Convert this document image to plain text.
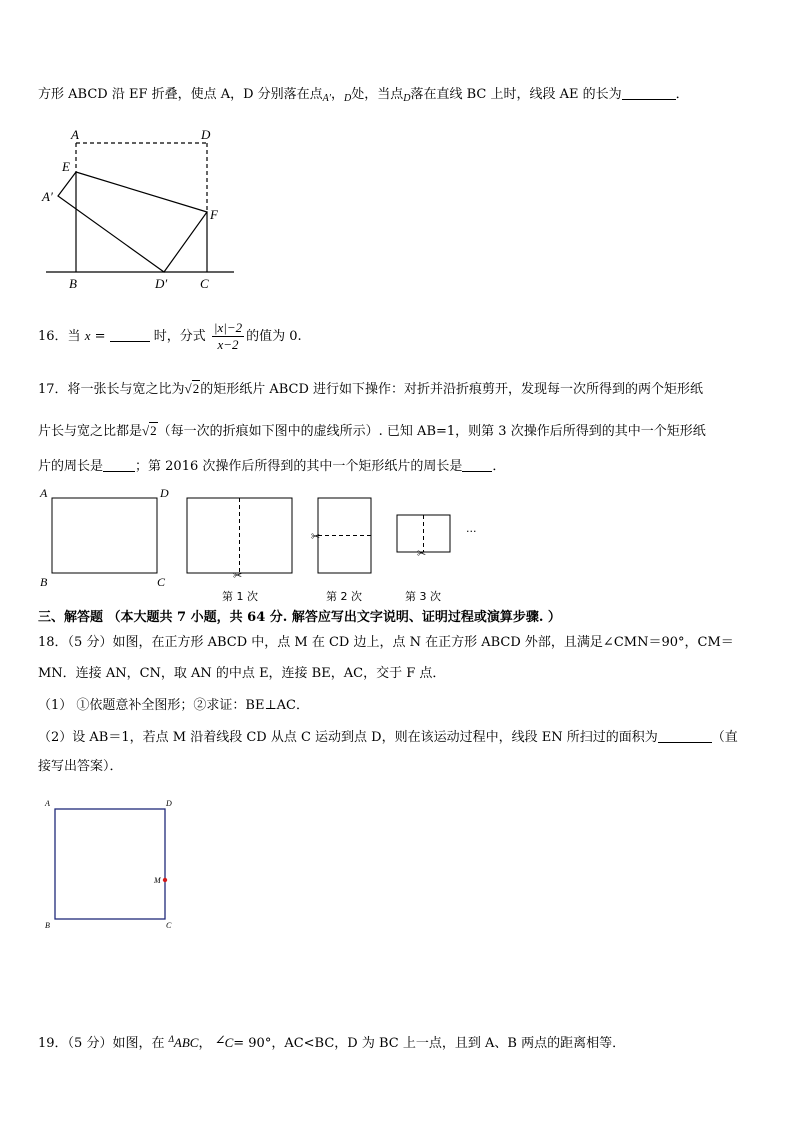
方形 ABCD 沿 EF 折叠，使点 A，D 分别落在点$_{A'}$，$_D$处，当点$_D$落在直线 BC 上时，线段 AE 的长为	．
A	D
E
A′
F
B	D′	C
16．当 x =	时，分式 $\frac{|x|-2}{x-2}$ 的值为 0.
17．将一张长与宽之比为√2的矩形纸片 ABCD 进行如下操作：对折并沿折痕剪开，发现每一次所得到的两个矩形纸
片长与宽之比都是√2（每一次的折痕如下图中的虚线所示）. 已知 AB=1，则第 3 次操作后所得到的其中一个矩形纸
片的周长是 ；第 2016 次操作后所得到的其中一个矩形纸片的周长是 ．
A	D
B	C	✂
✂
✂
···
第 1 次	第 2 次	第 3 次
三、解答题 （本大题共 7 小题，共 64 分. 解答应写出文字说明、证明过程或演算步骤. ）
18．（5 分）如图，在正方形 ABCD 中，点 M 在 CD 边上，点 N 在正方形 ABCD 外部，且满足∠CMN＝90°，CM＝
MN．连接 AN，CN，取 AN 的中点 E，连接 BE，AC，交于 F 点．
（1） ①依题意补全图形；②求证：BE⊥AC．
（2）设 AB＝1，若点 M 沿着线段 CD 从点 C 运动到点 D，则在该运动过程中，线段 EN 所扫过的面积为	（直
接写出答案）．
A	D
M
B	C
19．（5 分）如图，在 $^\Delta$ABC， ∠C= 90°，AC<BC，D 为 BC 上一点，且到 A、B 两点的距离相等．
